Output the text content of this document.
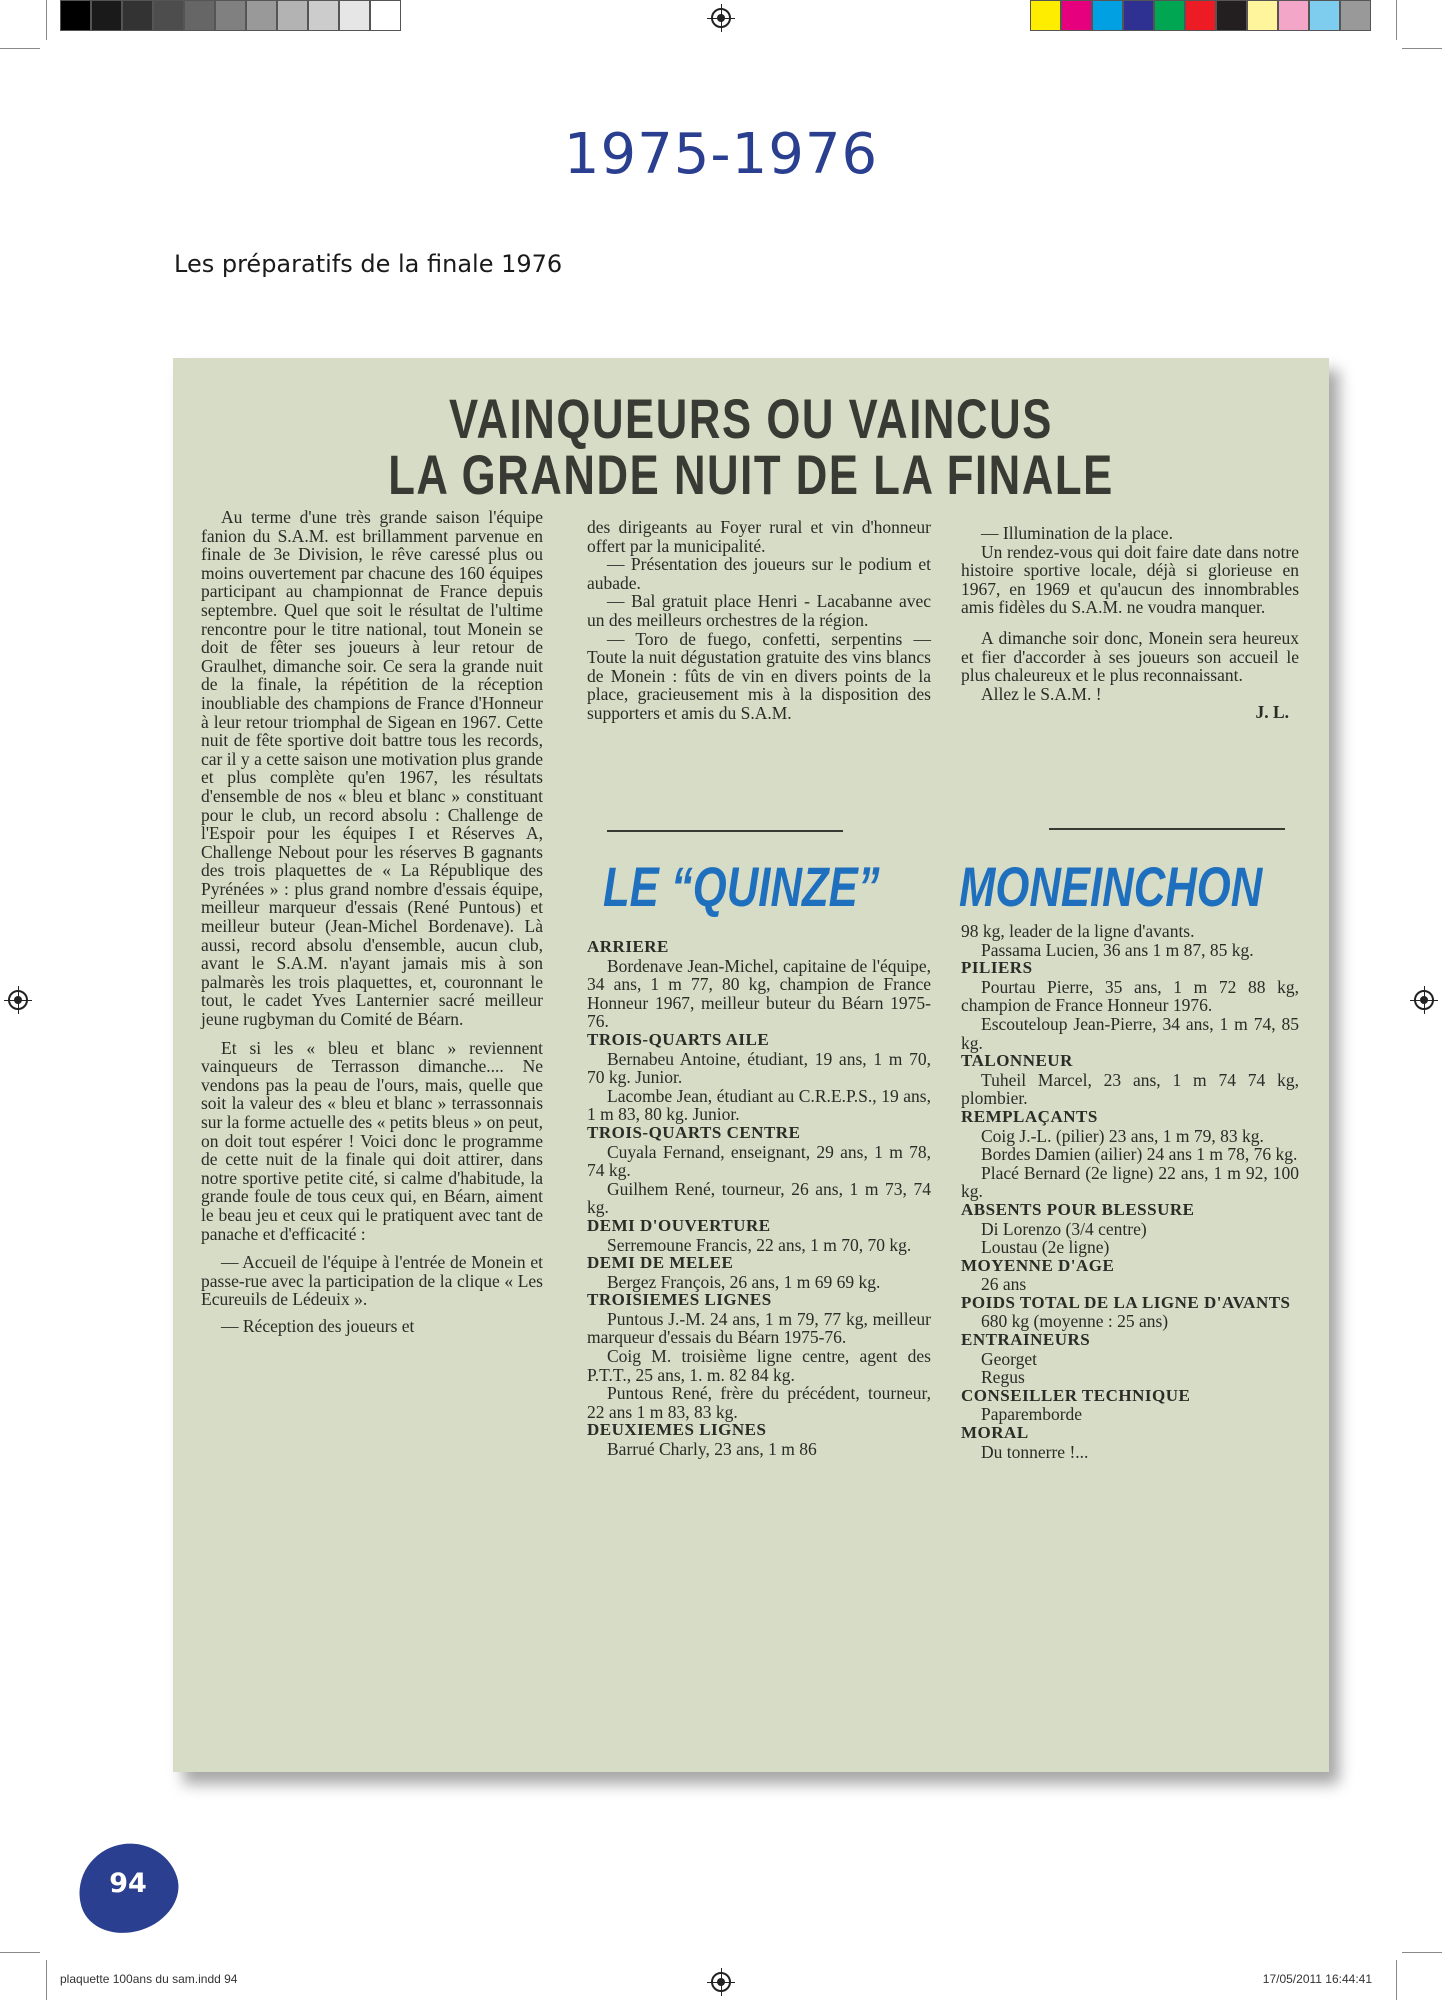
1975-1976
Les préparatifs de la finale 1976
VAINQUEURS OU VAINCUS
LA GRANDE NUIT DE LA FINALE

Au terme d'une très grande saison l'équipe fanion du S.A.M. est brillamment parvenue en finale de 3e Division, le rêve caressé plus ou moins ouvertement par chacune des 160 équipes participant au championnat de France depuis septembre. Quel que soit le résultat de l'ultime rencontre pour le titre national, tout Monein se doit de fêter ses joueurs à leur retour de Graulhet, dimanche soir. Ce sera la grande nuit de la finale, la répétition de la réception inoubliable des champions de France d'Honneur à leur retour triomphal de Sigean en 1967. Cette nuit de fête sportive doit battre tous les records, car il y a cette saison une motivation plus grande et plus complète qu'en 1967, les résultats d'ensemble de nos « bleu et blanc » constituant pour le club, un record absolu : Challenge de l'Espoir pour les équipes I et Réserves A, Challenge Nebout pour les réserves B gagnants des trois plaquettes de « La République des Pyrénées » : plus grand nombre d'essais équipe, meilleur marqueur d'essais (René Puntous) et meilleur buteur (Jean-Michel Bordenave). Là aussi, record absolu d'ensemble, aucun club, avant le S.A.M. n'ayant jamais mis à son palmarès les trois plaquettes, et, couronnant le tout, le cadet Yves Lanternier sacré meilleur jeune rugbyman du Comité de Béarn.

Et si les « bleu et blanc » reviennent vainqueurs de Terrasson dimanche.... Ne vendons pas la peau de l'ours, mais, quelle que soit la valeur des « bleu et blanc » terrassonnais sur la forme actuelle des « petits bleus » on peut, on doit tout espérer ! Voici donc le programme de cette nuit de la finale qui doit attirer, dans notre sportive petite cité, si calme d'habitude, la grande foule de tous ceux qui, en Béarn, aiment le beau jeu et ceux qui le pratiquent avec tant de panache et d'efficacité :

— Accueil de l'équipe à l'entrée de Monein et passe-rue avec la participation de la clique « Les Ecureuils de Lédeuix ».

— Réception des joueurs et

des dirigeants au Foyer rural et vin d'honneur offert par la municipalité.

— Présentation des joueurs sur le podium et aubade.

— Bal gratuit place Henri - Lacabanne avec un des meilleurs orchestres de la région.

— Toro de fuego, confetti, serpentins — Toute la nuit dégustation gratuite des vins blancs de Monein : fûts de vin en divers points de la place, gracieusement mis à la disposition des supporters et amis du S.A.M.

— Illumination de la place.

Un rendez-vous qui doit faire date dans notre histoire sportive locale, déjà si glorieuse en 1967, en 1969 et qu'aucun des innombrables amis fidèles du S.A.M. ne voudra manquer.

A dimanche soir donc, Monein sera heureux et fier d'accorder à ses joueurs son accueil le plus chaleureux et le plus reconnaissant.

Allez le S.A.M. !

J. L.

LE “QUINZE” MONEINCHON

ARRIERE

Bordenave Jean-Michel, capitaine de l'équipe, 34 ans, 1 m 77, 80 kg, champion de France Honneur 1967, meilleur buteur du Béarn 1975-76.

TROIS-QUARTS AILE

Bernabeu Antoine, étudiant, 19 ans, 1 m 70, 70 kg. Junior.

Lacombe Jean, étudiant au C.R.E.P.S., 19 ans, 1 m 83, 80 kg. Junior.

TROIS-QUARTS CENTRE

Cuyala Fernand, enseignant, 29 ans, 1 m 78, 74 kg.

Guilhem René, tourneur, 26 ans, 1 m 73, 74 kg.

DEMI D'OUVERTURE

Serremoune Francis, 22 ans, 1 m 70, 70 kg.

DEMI DE MELEE

Bergez François, 26 ans, 1 m 69 69 kg.

TROISIEMES LIGNES

Puntous J.-M. 24 ans, 1 m 79, 77 kg, meilleur marqueur d'essais du Béarn 1975-76.

Coig M. troisième ligne centre, agent des P.T.T., 25 ans, 1. m. 82 84 kg.

Puntous René, frère du précédent, tourneur, 22 ans 1 m 83, 83 kg.

DEUXIEMES LIGNES

Barrué Charly, 23 ans, 1 m 86

98 kg, leader de la ligne d'avants.

Passama Lucien, 36 ans 1 m 87, 85 kg.

PILIERS

Pourtau Pierre, 35 ans, 1 m 72 88 kg, champion de France Honneur 1976.

Escouteloup Jean-Pierre, 34 ans, 1 m 74, 85 kg.

TALONNEUR

Tuheil Marcel, 23 ans, 1 m 74 74 kg, plombier.

REMPLAÇANTS

Coig J.-L. (pilier) 23 ans, 1 m 79, 83 kg.

Bordes Damien (ailier) 24 ans 1 m 78, 76 kg.

Placé Bernard (2e ligne) 22 ans, 1 m 92, 100 kg.

ABSENTS POUR BLESSURE

Di Lorenzo (3/4 centre)

Loustau (2e ligne)

MOYENNE D'AGE

26 ans

POIDS TOTAL DE LA LIGNE D'AVANTS

680 kg (moyenne : 25 ans)

ENTRAINEURS

Georget

Regus

CONSEILLER TECHNIQUE

Paparemborde

MORAL

Du tonnerre !...

94
plaquette 100ans du sam.indd 94	17/05/2011 16:44:41
